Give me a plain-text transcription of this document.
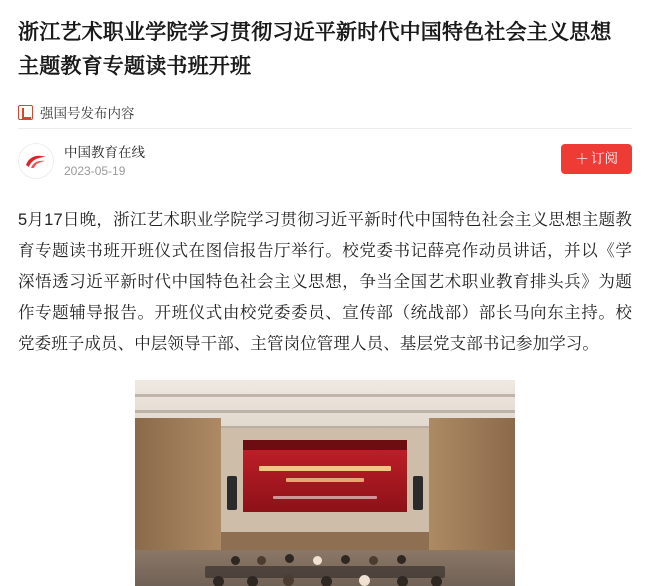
浙江艺术职业学院学习贯彻习近平新时代中国特色社会主义思想主题教育专题读书班开班
强国号发布内容
中国教育在线
2023-05-19
＋ 订阅

5月17日晚，浙江艺术职业学院学习贯彻习近平新时代中国特色社会主义思想主题教育专题读书班开班仪式在图信报告厅举行。校党委书记薛亮作动员讲话，并以《学深悟透习近平新时代中国特色社会主义思想，争当全国艺术职业教育排头兵》为题作专题辅导报告。开班仪式由校党委委员、宣传部（统战部）部长马向东主持。校党委班子成员、中层领导干部、主管岗位管理人员、基层党支部书记参加学习。
